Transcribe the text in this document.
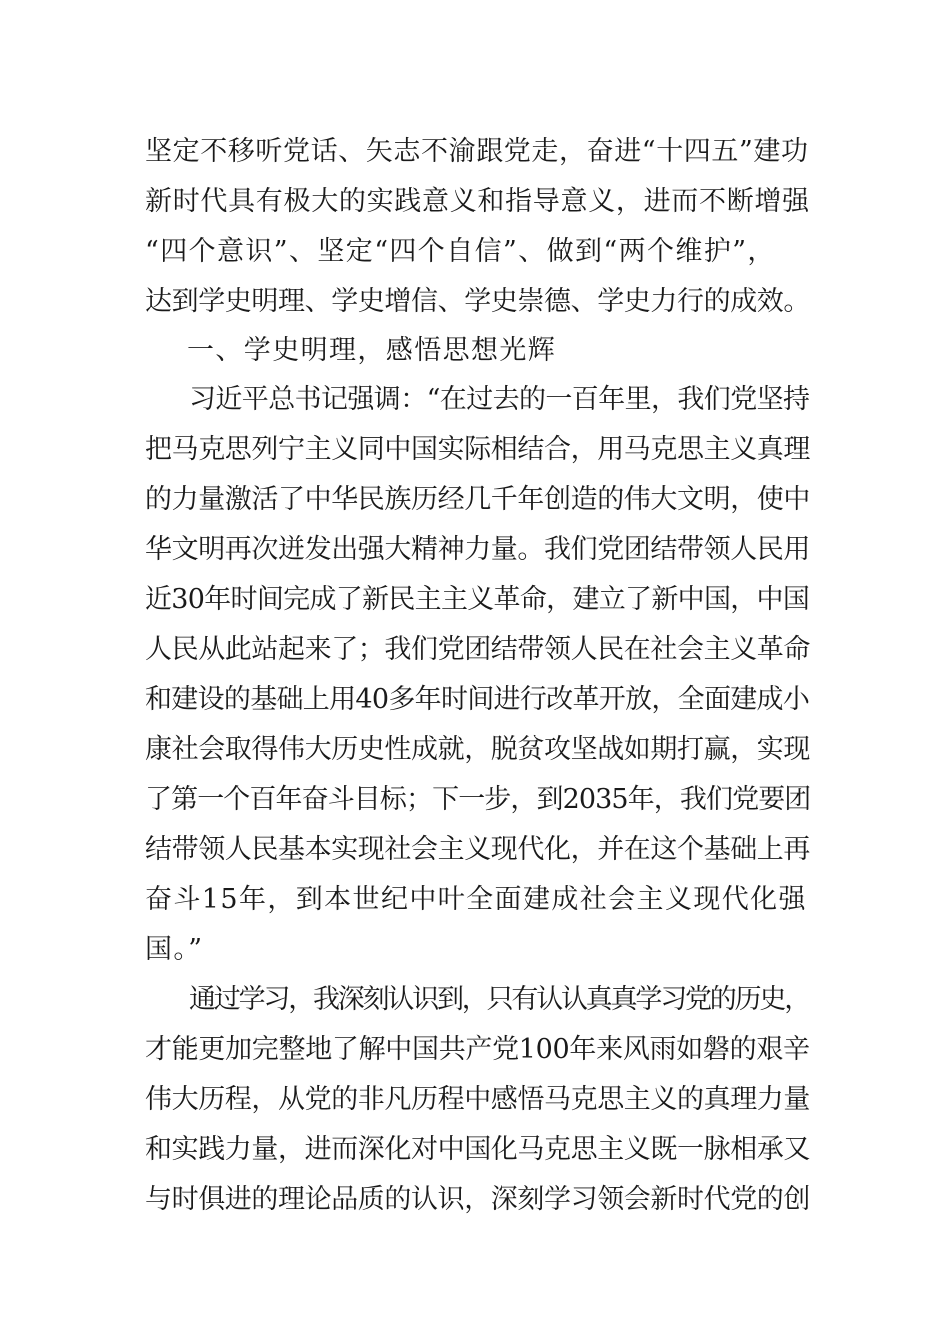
坚定不移听党话、矢志不渝跟党走，奋进“十四五”建功
新时代具有极大的实践意义和指导意义，进而不断增强
“四个意识”、坚定“四个自信”、做到“两个维护”，
达到学史明理、学史增信、学史崇德、学史力行的成效。
一、学史明理，感悟思想光辉
习近平总书记强调：“在过去的一百年里，我们党坚持
把马克思列宁主义同中国实际相结合，用马克思主义真理
的力量激活了中华民族历经几千年创造的伟大文明，使中
华文明再次迸发出强大精神力量。我们党团结带领人民用
近30年时间完成了新民主主义革命，建立了新中国，中国
人民从此站起来了；我们党团结带领人民在社会主义革命
和建设的基础上用40多年时间进行改革开放，全面建成小
康社会取得伟大历史性成就，脱贫攻坚战如期打赢，实现
了第一个百年奋斗目标；下一步，到2035年，我们党要团
结带领人民基本实现社会主义现代化，并在这个基础上再
奋斗15年，到本世纪中叶全面建成社会主义现代化强
国。”
通过学习，我深刻认识到，只有认认真真学习党的历史，
才能更加完整地了解中国共产党100年来风雨如磐的艰辛
伟大历程，从党的非凡历程中感悟马克思主义的真理力量
和实践力量，进而深化对中国化马克思主义既一脉相承又
与时俱进的理论品质的认识，深刻学习领会新时代党的创
